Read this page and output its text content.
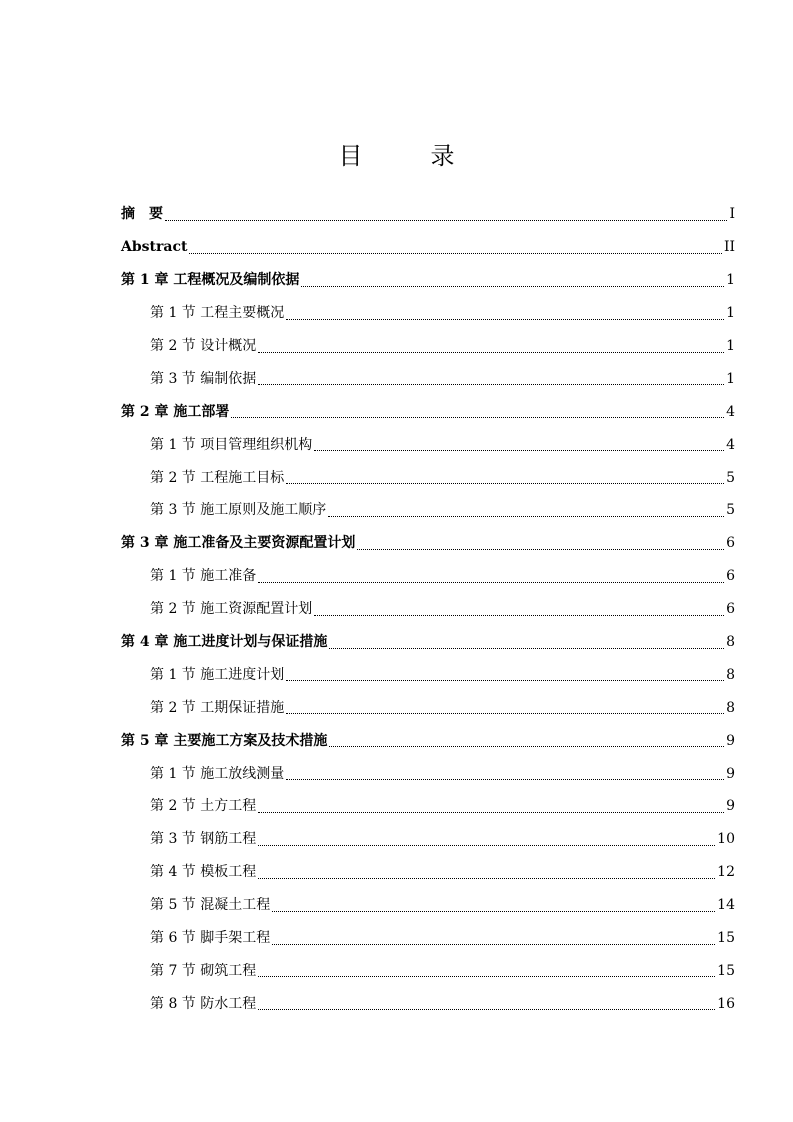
目　录
摘　要	I
Abstract	II
第 1 章 工程概况及编制依据	1
第 1 节 工程主要概况	1
第 2 节 设计概况	1
第 3 节 编制依据	1
第 2 章 施工部署	4
第 1 节 项目管理组织机构	4
第 2 节 工程施工目标	5
第 3 节 施工原则及施工顺序	5
第 3 章 施工准备及主要资源配置计划	6
第 1 节 施工准备	6
第 2 节 施工资源配置计划	6
第 4 章 施工进度计划与保证措施	8
第 1 节 施工进度计划	8
第 2 节 工期保证措施	8
第 5 章 主要施工方案及技术措施	9
第 1 节 施工放线测量	9
第 2 节 土方工程	9
第 3 节 钢筋工程	10
第 4 节 模板工程	12
第 5 节 混凝土工程	14
第 6 节 脚手架工程	15
第 7 节 砌筑工程	15
第 8 节 防水工程	16
